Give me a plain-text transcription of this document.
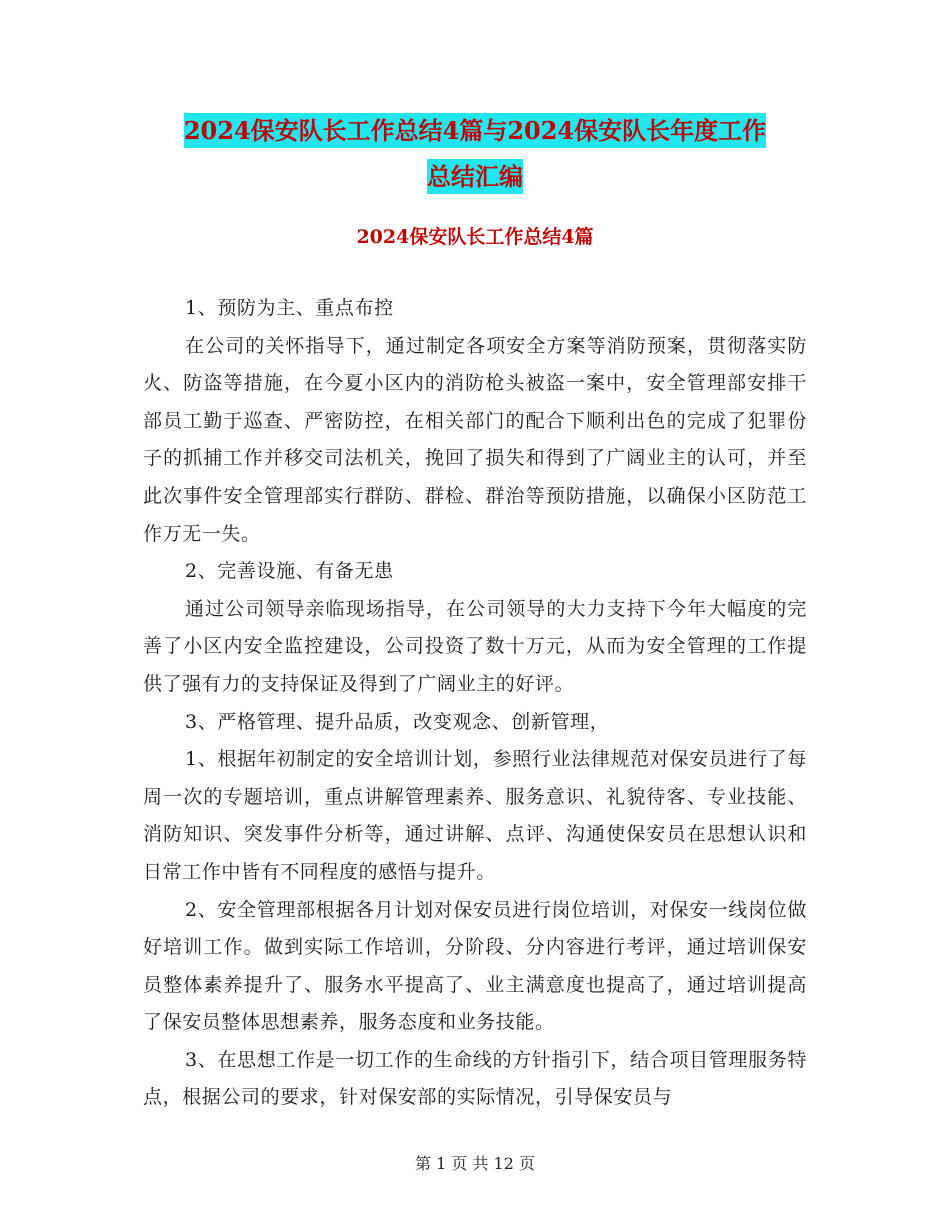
2024保安队长工作总结4篇与2024保安队长年度工作
总结汇编
2024保安队长工作总结4篇

1、预防为主、重点布控

在公司的关怀指导下，通过制定各项安全方案等消防预案，贯彻落实防火、防盗等措施，在今夏小区内的消防枪头被盗一案中，安全管理部安排干部员工勤于巡查、严密防控，在相关部门的配合下顺利出色的完成了犯罪份子的抓捕工作并移交司法机关，挽回了损失和得到了广阔业主的认可，并至此次事件安全管理部实行群防、群检、群治等预防措施，以确保小区防范工作万无一失。

2、完善设施、有备无患

通过公司领导亲临现场指导，在公司领导的大力支持下今年大幅度的完善了小区内安全监控建设，公司投资了数十万元，从而为安全管理的工作提供了强有力的支持保证及得到了广阔业主的好评。

3、严格管理、提升品质，改变观念、创新管理，

1、根据年初制定的安全培训计划，参照行业法律规范对保安员进行了每周一次的专题培训，重点讲解管理素养、服务意识、礼貌待客、专业技能、消防知识、突发事件分析等，通过讲解、点评、沟通使保安员在思想认识和日常工作中皆有不同程度的感悟与提升。

2、安全管理部根据各月计划对保安员进行岗位培训，对保安一线岗位做好培训工作。做到实际工作培训，分阶段、分内容进行考评，通过培训保安员整体素养提升了、服务水平提高了、业主满意度也提高了，通过培训提高了保安员整体思想素养，服务态度和业务技能。

3、在思想工作是一切工作的生命线的方针指引下，结合项目管理服务特点，根据公司的要求，针对保安部的实际情况，引导保安员与

第 1 页 共 12 页
